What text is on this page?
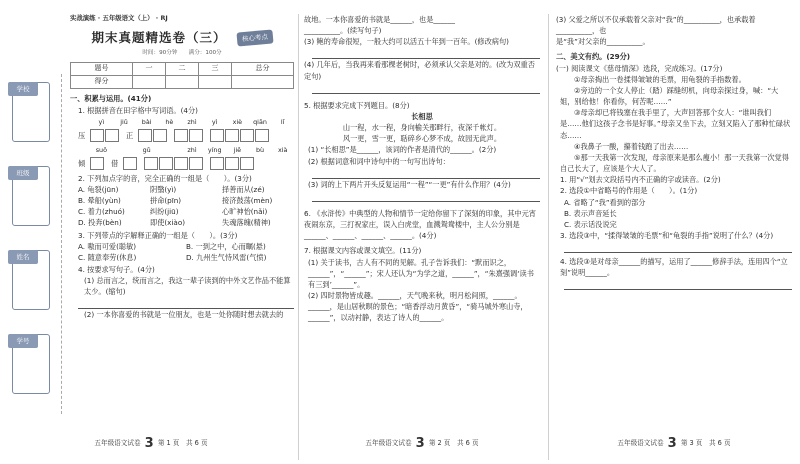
学校
班级
姓名
学号
实战演练 · 五年级语文（上） · RJ
期末真题精选卷（三）	核心考点
时间：90分钟　　满分：100分
题号	一	二	三	总分
得分				
一、积累与运用。(41分)
1. 根据拼音在田字格中写词语。(4分)
yì	jiǔ	bài	hè	zhì	yì	xiè	qiān	lǐ
压	正
suǒ	gǔ	zhì	yíng	jiě	bù	xià
倾	借
2. 下列加点字的音，完全正确的一组是（　　）。(3分)
A. 龟裂(jūn)	阴翳(yì)	择善而从(zé)
B. 晕船(yùn)	拼命(pīn)	接济鼓荡(mèn)
C. 着力(zhuó)	纠纷(jiū)	心旷神怡(nǎi)
D. 投奔(bèn)	即使(xiào)	失魂落魄(精神)
3. 下列带点的字解释正确的一组是（　　）。(3分)
A. 嗷而可爱(聪敏)	B. 一到之中，心而瞩(悬)
C. 随意奉劳(休息)	D. 九州生气恃风雷(气愤)
4. 按要求写句子。(4分)
(1) 总而言之，统而言之，我这一辈子读到的中外文艺作品不能算太少。(缩句)
(2) 一本你喜爱的书就是一位朋友，也是一处你随时想去就去的
五年级语文试卷 3 第 1 页　共 6 页
故地。一本你喜爱的书就是______，也是______
__________。(续写句子)
(3) 鲍的寿命很短，一般大约可以活五十年到一百年。(修改病句)
(4) 几年后，当我再来看那棵老树时，必须承认父亲是对的。(改为双重否定句)
5. 根据要求完成下列题目。(8分)
长相思
山一程，水一程，身向榆关那畔行，夜深千帐灯。
风一更，雪一更，聒碎乡心梦不成，故园无此声。
(1) “长相思”是______，该词的作者是清代的______。(2分)
(2) 根据词意和词中诗句中的一句写出诗句：
(3) 词的上下两片开头反复运用“一程”“一更”有什么作用？(4分)
6. 《水浒传》中典型的人物和情节一定给你留下了深刻的印象，其中元宵夜闹东京，三打祝家庄，误入白虎堂，血溅鸳鸯楼中，主人公分别是______、______、______、______。(4分)
7. 根据课文内容或课文填空。(11分)
(1) 关于读书，古人有不同的见解。孔子告诉我们：“默而识之，______”，“______”；宋人还认为“为学之道，______”，“朱熹强调‘读书有三到’______”。
(2) 四时景物皆成趣。______，天气晚来秋，明月松间照，______。______，是山居秋暝的景色；“暗香浮动月黄昏”，“骑马城外寒山寺，______”，以动衬静，表达了诗人的______。
五年级语文试卷 3 第 2 页　共 6 页
(3) 父爱之所以不仅承载着父亲对“我”的__________，也承载着__________，也
是“我”对父亲的__________。
二、美文有约。(29分)
(一) 阅读课文《慈母情深》选段，完成练习。(17分)
①母亲掏出一卷揉得皱皱的毛票，用龟裂的手指数着。
②旁边的一个女人停止（踏）踩缝纫机，向母亲探过身，喊：“大姐，别给他！你看你，何苦呢……”
③母亲却已将钱塞在我手里了，大声回答那个女人：“谁叫我们是……他们这孩子念书是好事。”母亲又坐下去，立刻又陷入了那种忙碌状态……
④我鼻子一酸，攥着钱跑了出去……
⑤那一天我第一次发现，母亲原来是那么瘦小！那一天我第一次觉得自己长大了，应该是个大人了。
1. 用“√”划去文段括号内不正确的字或读音。(2分)
2. 选段①中省略号的作用是（　　）。(1分)
A. 省略了“我”看到的部分
B. 表示声音延长
C. 表示话没说完
3. 选段③中，“揉得皱皱的毛票”和“龟裂的手指”说明了什么？(4分)
4. 选段③是对母亲______的描写，运用了______修辞手法，连用四个“立刻”说明______。
五年级语文试卷 3 第 3 页　共 6 页
